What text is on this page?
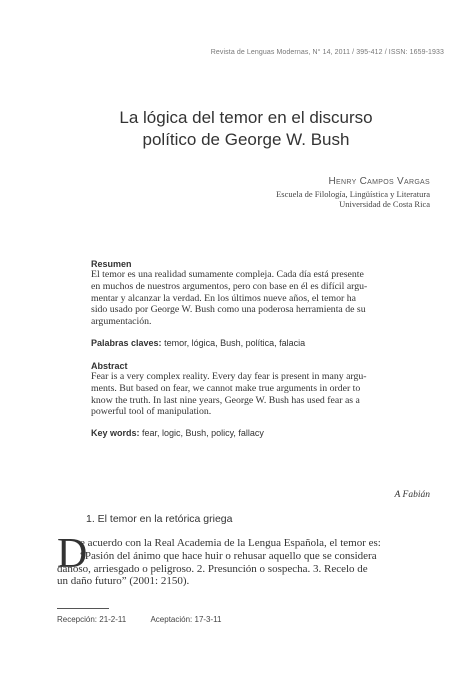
Revista de Lenguas Modernas, N° 14, 2011 / 395-412 / ISSN: 1659-1933
La lógica del temor en el discurso
político de George W. Bush
Henry Campos Vargas
Escuela de Filología, Lingüística y Literatura
Universidad de Costa Rica

Resumen

El temor es una realidad sumamente compleja. Cada día está presente
en muchos de nuestros argumentos, pero con base en él es difícil argu-
mentar y alcanzar la verdad. En los últimos nueve años, el temor ha
sido usado por George W. Bush como una poderosa herramienta de su
argumentación.

Palabras claves: temor, lógica, Bush, política, falacia

Abstract

Fear is a very complex reality. Every day fear is present in many argu-
ments. But based on fear, we cannot make true arguments in order to
know the truth. In last nine years, George W. Bush has used fear as a
powerful tool of manipulation.

Key words: fear, logic, Bush, policy, fallacy
A Fabián
1. El temor en la retórica griega
D
e acuerdo con la Real Academia de la Lengua Española, el temor es:
“Pasión del ánimo que hace huir o rehusar aquello que se considera
dañoso, arriesgado o peligroso. 2. Presunción o sospecha. 3. Recelo de
un daño futuro” (2001: 2150).
Recepción: 21-2-11	Aceptación: 17-3-11
